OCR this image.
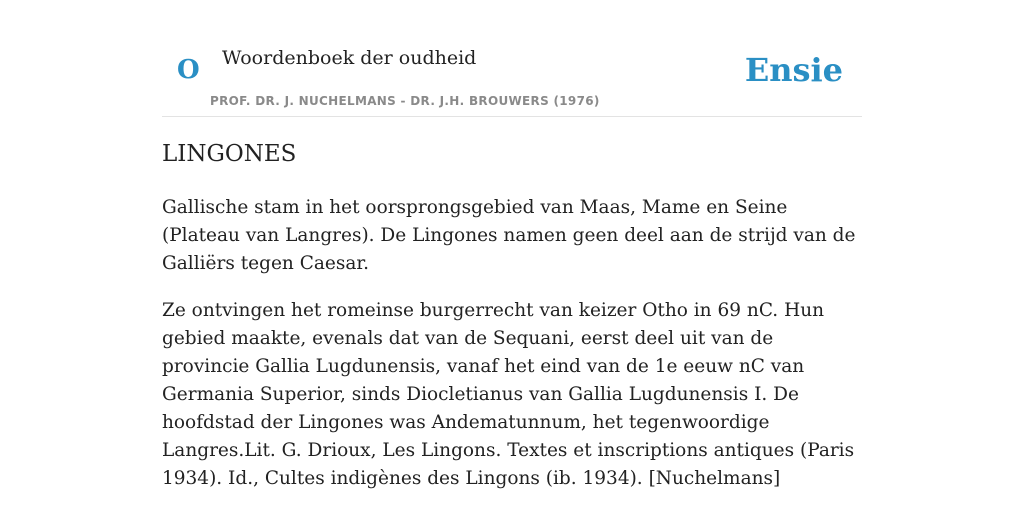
O Woordenboek der oudheid
PROF. DR. J. NUCHELMANS - DR. J.H. BROUWERS (1976)
Ensie
LINGONES

Gallische stam in het oorsprongsgebied van Maas, Mame en Seine (Plateau van Langres). De Lingones namen geen deel aan de strijd van de Galliërs tegen Caesar.

Ze ontvingen het romeinse burgerrecht van keizer Otho in 69 nC. Hun gebied maakte, evenals dat van de Sequani, eerst deel uit van de provincie Gallia Lugdunensis, vanaf het eind van de 1e eeuw nC van Germania Superior, sinds Diocletianus van Gallia Lugdunensis I. De hoofdstad der Lingones was Andematunnum, het tegenwoordige Langres.Lit. G. Drioux, Les Lingons. Textes et inscriptions antiques (Paris 1934). Id., Cultes indigènes des Lingons (ib. 1934). [Nuchelmans]
